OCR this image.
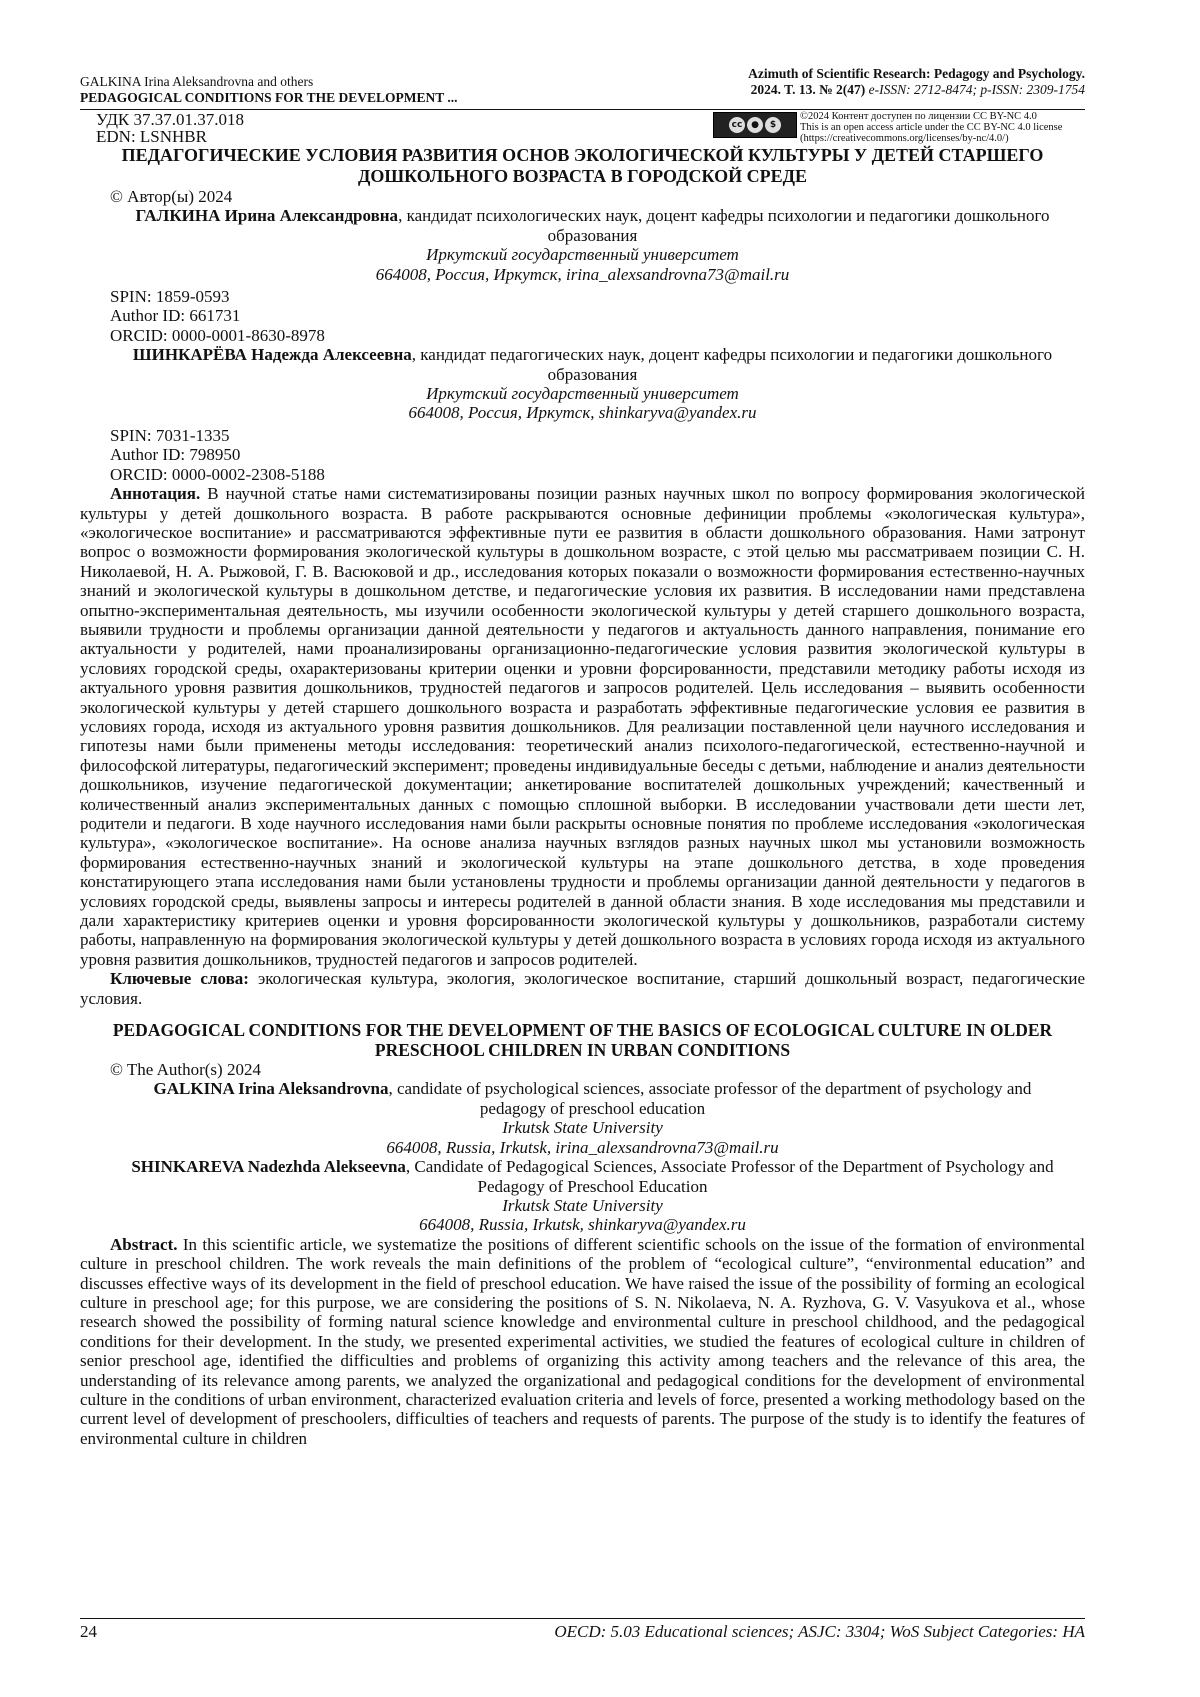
GALKINA Irina Aleksandrovna and others
PEDAGOGICAL CONDITIONS FOR THE DEVELOPMENT ...
Azimuth of Scientific Research: Pedagogy and Psychology.
2024. T. 13. № 2(47) e-ISSN: 2712-8474; p-ISSN: 2309-1754
УДК 37.37.01.37.018
EDN: LSNHBR
cc ●	$
©2024 Контент доступен по лицензии CC BY-NC 4.0
This is an open access article under the CC BY-NC 4.0 license
(https://creativecommons.org/licenses/by-nc/4.0/)
ПЕДАГОГИЧЕСКИЕ УСЛОВИЯ РАЗВИТИЯ ОСНОВ ЭКОЛОГИЧЕСКОЙ КУЛЬТУРЫ У ДЕТЕЙ СТАРШЕГО ДОШКОЛЬНОГО ВОЗРАСТА В ГОРОДСКОЙ СРЕДЕ
© Автор(ы) 2024
ГАЛКИНА Ирина Александровна, кандидат психологических наук, доцент кафедры психологии и педагогики дошкольного образования
Иркутский государственный университет
664008, Россия, Иркутск, irina_alexsandrovna73@mail.ru
SPIN: 1859-0593
Author ID: 661731
ORCID: 0000-0001-8630-8978
ШИНКАРЁВА Надежда Алексеевна, кандидат педагогических наук, доцент кафедры психологии и педагогики дошкольного образования
Иркутский государственный университет
664008, Россия, Иркутск, shinkaryva@yandex.ru
SPIN: 7031-1335
Author ID: 798950
ORCID: 0000-0002-2308-5188
Аннотация. В научной статье нами систематизированы позиции разных научных школ по вопросу формирования экологической культуры у детей дошкольного возраста. В работе раскрываются основные дефиниции проблемы «экологическая культура», «экологическое воспитание» и рассматриваются эффективные пути ее развития в области дошкольного образования. Нами затронут вопрос о возможности формирования экологической культуры в дошкольном возрасте, с этой целью мы рассматриваем позиции С. Н. Николаевой, Н. А. Рыжовой, Г. В. Васюковой и др., исследования которых показали о возможности формирования естественно-научных знаний и экологической культуры в дошкольном детстве, и педагогические условия их развития. В исследовании нами представлена опытно-экспериментальная деятельность, мы изучили особенности экологической культуры у детей старшего дошкольного возраста, выявили трудности и проблемы организации данной деятельности у педагогов и актуальность данного направления, понимание его актуальности у родителей, нами проанализированы организационно-педагогические условия развития экологической культуры в условиях городской среды, охарактеризованы критерии оценки и уровни форсированности, представили методику работы исходя из актуального уровня развития дошкольников, трудностей педагогов и запросов родителей. Цель исследования – выявить особенности экологической культуры у детей старшего дошкольного возраста и разработать эффективные педагогические условия ее развития в условиях города, исходя из актуального уровня развития дошкольников. Для реализации поставленной цели научного исследования и гипотезы нами были применены методы исследования: теоретический анализ психолого-педагогической, естественно-научной и философской литературы, педагогический эксперимент; проведены индивидуальные беседы с детьми, наблюдение и анализ деятельности дошкольников, изучение педагогической документации; анкетирование воспитателей дошкольных учреждений; качественный и количественный анализ экспериментальных данных с помощью сплошной выборки. В исследовании участвовали дети шести лет, родители и педагоги. В ходе научного исследования нами были раскрыты основные понятия по проблеме исследования «экологическая культура», «экологическое воспитание». На основе анализа научных взглядов разных научных школ мы установили возможность формирования естественно-научных знаний и экологической культуры на этапе дошкольного детства, в ходе проведения констатирующего этапа исследования нами были установлены трудности и проблемы организации данной деятельности у педагогов в условиях городской среды, выявлены запросы и интересы родителей в данной области знания. В ходе исследования мы представили и дали характеристику критериев оценки и уровня форсированности экологической культуры у дошкольников, разработали систему работы, направленную на формирования экологической культуры у детей дошкольного возраста в условиях города исходя из актуального уровня развития дошкольников, трудностей педагогов и запросов родителей.
Ключевые слова: экологическая культура, экология, экологическое воспитание, старший дошкольный возраст, педагогические условия.
PEDAGOGICAL CONDITIONS FOR THE DEVELOPMENT OF THE BASICS OF ECOLOGICAL CULTURE IN OLDER PRESCHOOL CHILDREN IN URBAN CONDITIONS
© The Author(s) 2024
GALKINA Irina Aleksandrovna, candidate of psychological sciences, associate professor of the department of psychology and pedagogy of preschool education
Irkutsk State University
664008, Russia, Irkutsk, irina_alexsandrovna73@mail.ru
SHINKAREVA Nadezhda Alekseevna, Candidate of Pedagogical Sciences, Associate Professor of the Department of Psychology and Pedagogy of Preschool Education
Irkutsk State University
664008, Russia, Irkutsk, shinkaryva@yandex.ru
Abstract. In this scientific article, we systematize the positions of different scientific schools on the issue of the formation of environmental culture in preschool children. The work reveals the main definitions of the problem of “ecological culture”, “environmental education” and discusses effective ways of its development in the field of preschool education. We have raised the issue of the possibility of forming an ecological culture in preschool age; for this purpose, we are considering the positions of S. N. Nikolaeva, N. A. Ryzhova, G. V. Vasyukova et al., whose research showed the possibility of forming natural science knowledge and environmental culture in preschool childhood, and the pedagogical conditions for their development. In the study, we presented experimental activities, we studied the features of ecological culture in children of senior preschool age, identified the difficulties and problems of organizing this activity among teachers and the relevance of this area, the understanding of its relevance among parents, we analyzed the organizational and pedagogical conditions for the development of environmental culture in the conditions of urban environment, characterized evaluation criteria and levels of force, presented a working methodology based on the current level of development of preschoolers, difficulties of teachers and requests of parents. The purpose of the study is to identify the features of environmental culture in children
24	OECD: 5.03 Educational sciences; ASJC: 3304; WoS Subject Categories: HA
